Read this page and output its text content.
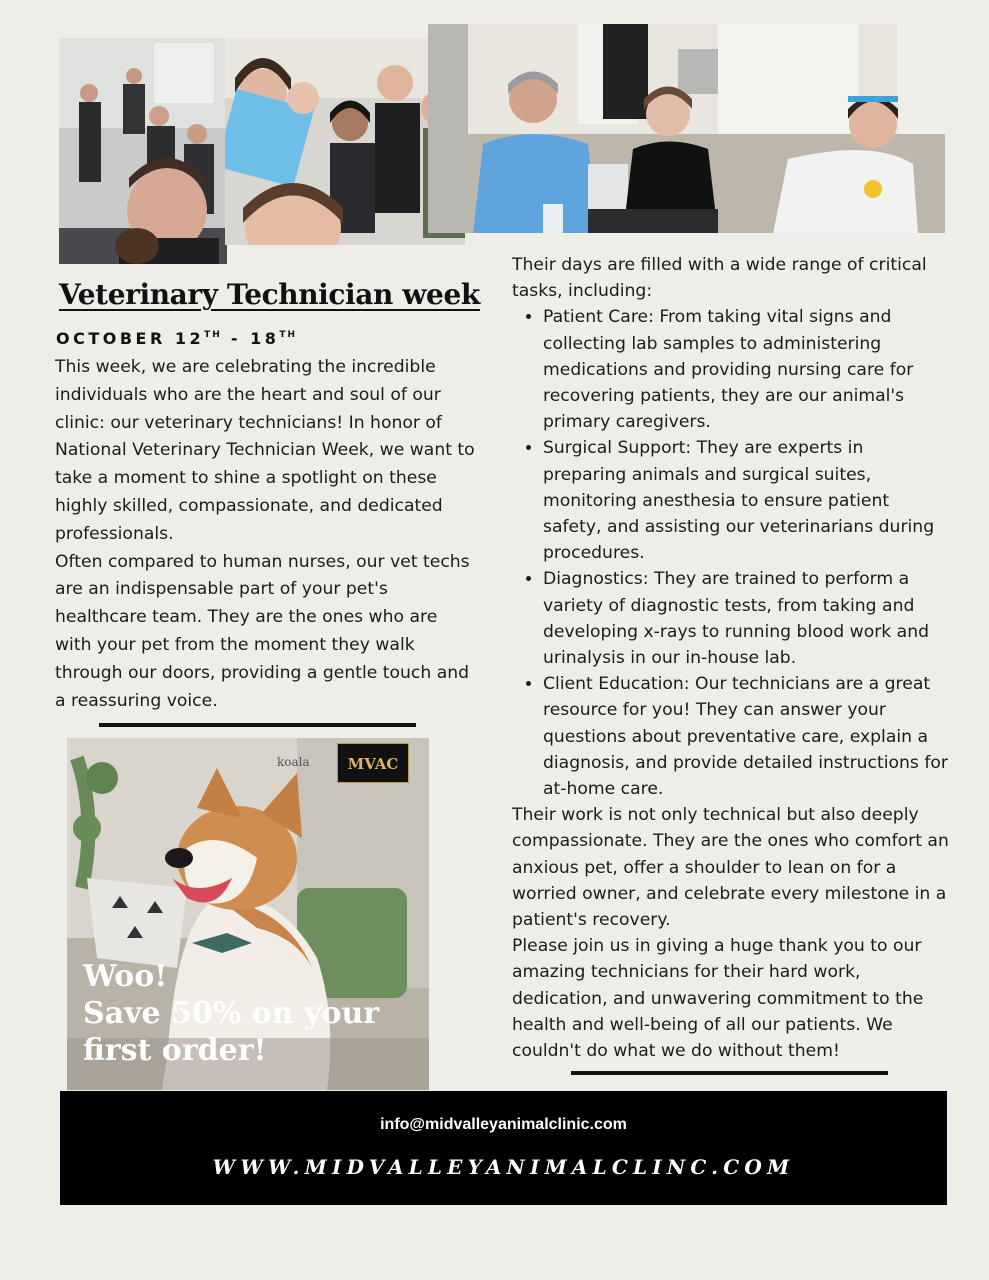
Veterinary Technician week
OCTOBER 12TH - 18TH

This week, we are celebrating the incredible individuals who are the heart and soul of our clinic: our veterinary technicians! In honor of National Veterinary Technician Week, we want to take a moment to shine a spotlight on these highly skilled, compassionate, and dedicated professionals.

Often compared to human nurses, our vet techs are an indispensable part of your pet's healthcare team. They are the ones who are with your pet from the moment they walk through our doors, providing a gentle touch and a reassuring voice.

koala	MVAC
Woo!
Save 50% on your
first order!

Their days are filled with a wide range of critical tasks, including:

• Patient Care: From taking vital signs and collecting lab samples to administering medications and providing nursing care for recovering patients, they are our animal's primary caregivers.
• Surgical Support: They are experts in preparing animals and surgical suites, monitoring anesthesia to ensure patient safety, and assisting our veterinarians during procedures.
• Diagnostics: They are trained to perform a variety of diagnostic tests, from taking and developing x-rays to running blood work and urinalysis in our in-house lab.
• Client Education: Our technicians are a great resource for you! They can answer your questions about preventative care, explain a diagnosis, and provide detailed instructions for at-home care.

Their work is not only technical but also deeply compassionate. They are the ones who comfort an anxious pet, offer a shoulder to lean on for a worried owner, and celebrate every milestone in a patient's recovery.

Please join us in giving a huge thank you to our amazing technicians for their hard work, dedication, and unwavering commitment to the health and well-being of all our patients. We couldn't do what we do without them!

info@midvalleyanimalclinic.com
WWW.MIDVALLEYANIMALCLINC.COM
